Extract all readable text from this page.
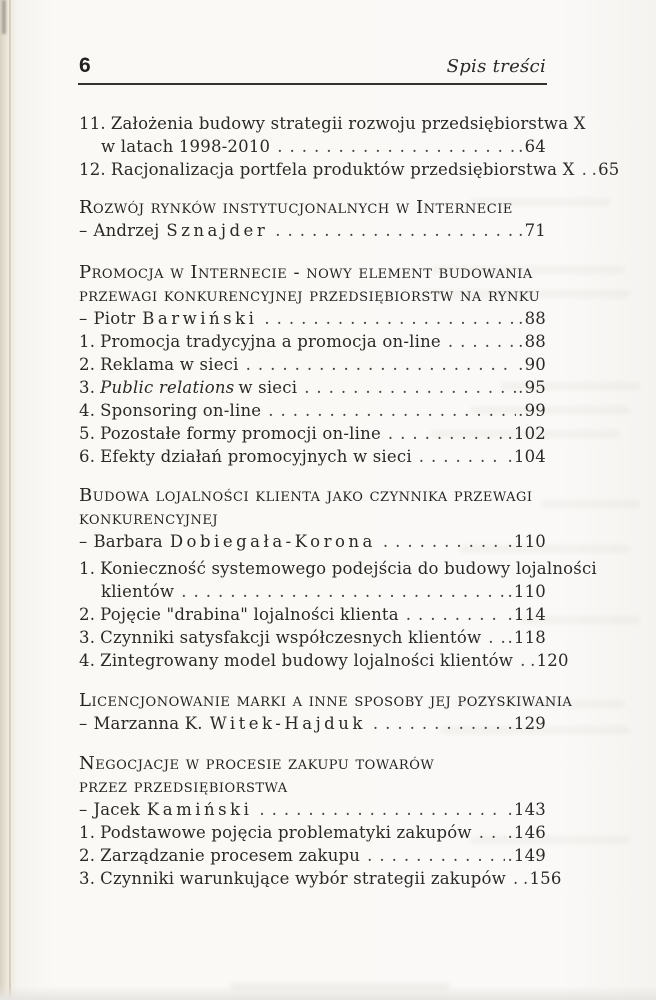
6	Spis treści
11. Założenia budowy strategii rozwoju przedsiębiorstwa X
w latach 1998-2010 .....	. 64
12. Racjonalizacja portfela produktów przedsiębiorstwa X .....	. 65
Rozwój rynków instytucjonalnych w Internecie
– Andrzej Sznajder .....	. 71
Promocja w Internecie - nowy element budowania
przewagi konkurencyjnej przedsiębiorstw na rynku
– Piotr Barwiński .....	. 88
1. Promocja tradycyjna a promocja on-line .....	. 88
2. Reklama w sieci .....	. 90
3. Public relations w sieci .....	. 95
4. Sponsoring on-line .....	. 99
5. Pozostałe formy promocji on-line .....	. 102
6. Efekty działań promocyjnych w sieci .....	. 104
Budowa lojalności klienta jako czynnika przewagi
konkurencyjnej
– Barbara Dobiegała-Korona .....	. 110
1. Konieczność systemowego podejścia do budowy lojalności
klientów .....	. 110
2. Pojęcie "drabina" lojalności klienta .....	. 114
3. Czynniki satysfakcji współczesnych klientów .....	. 118
4. Zintegrowany model budowy lojalności klientów .....	. 120
Licencjonowanie marki a inne sposoby jej pozyskiwania
– Marzanna K. Witek-Hajduk .....	. 129
Negocjacje w procesie zakupu towarów
przez przedsiębiorstwa
– Jacek Kamiński .....	. 143
1. Podstawowe pojęcia problematyki zakupów .....	. 146
2. Zarządzanie procesem zakupu .....	. 149
3. Czynniki warunkujące wybór strategii zakupów .....	. 156
